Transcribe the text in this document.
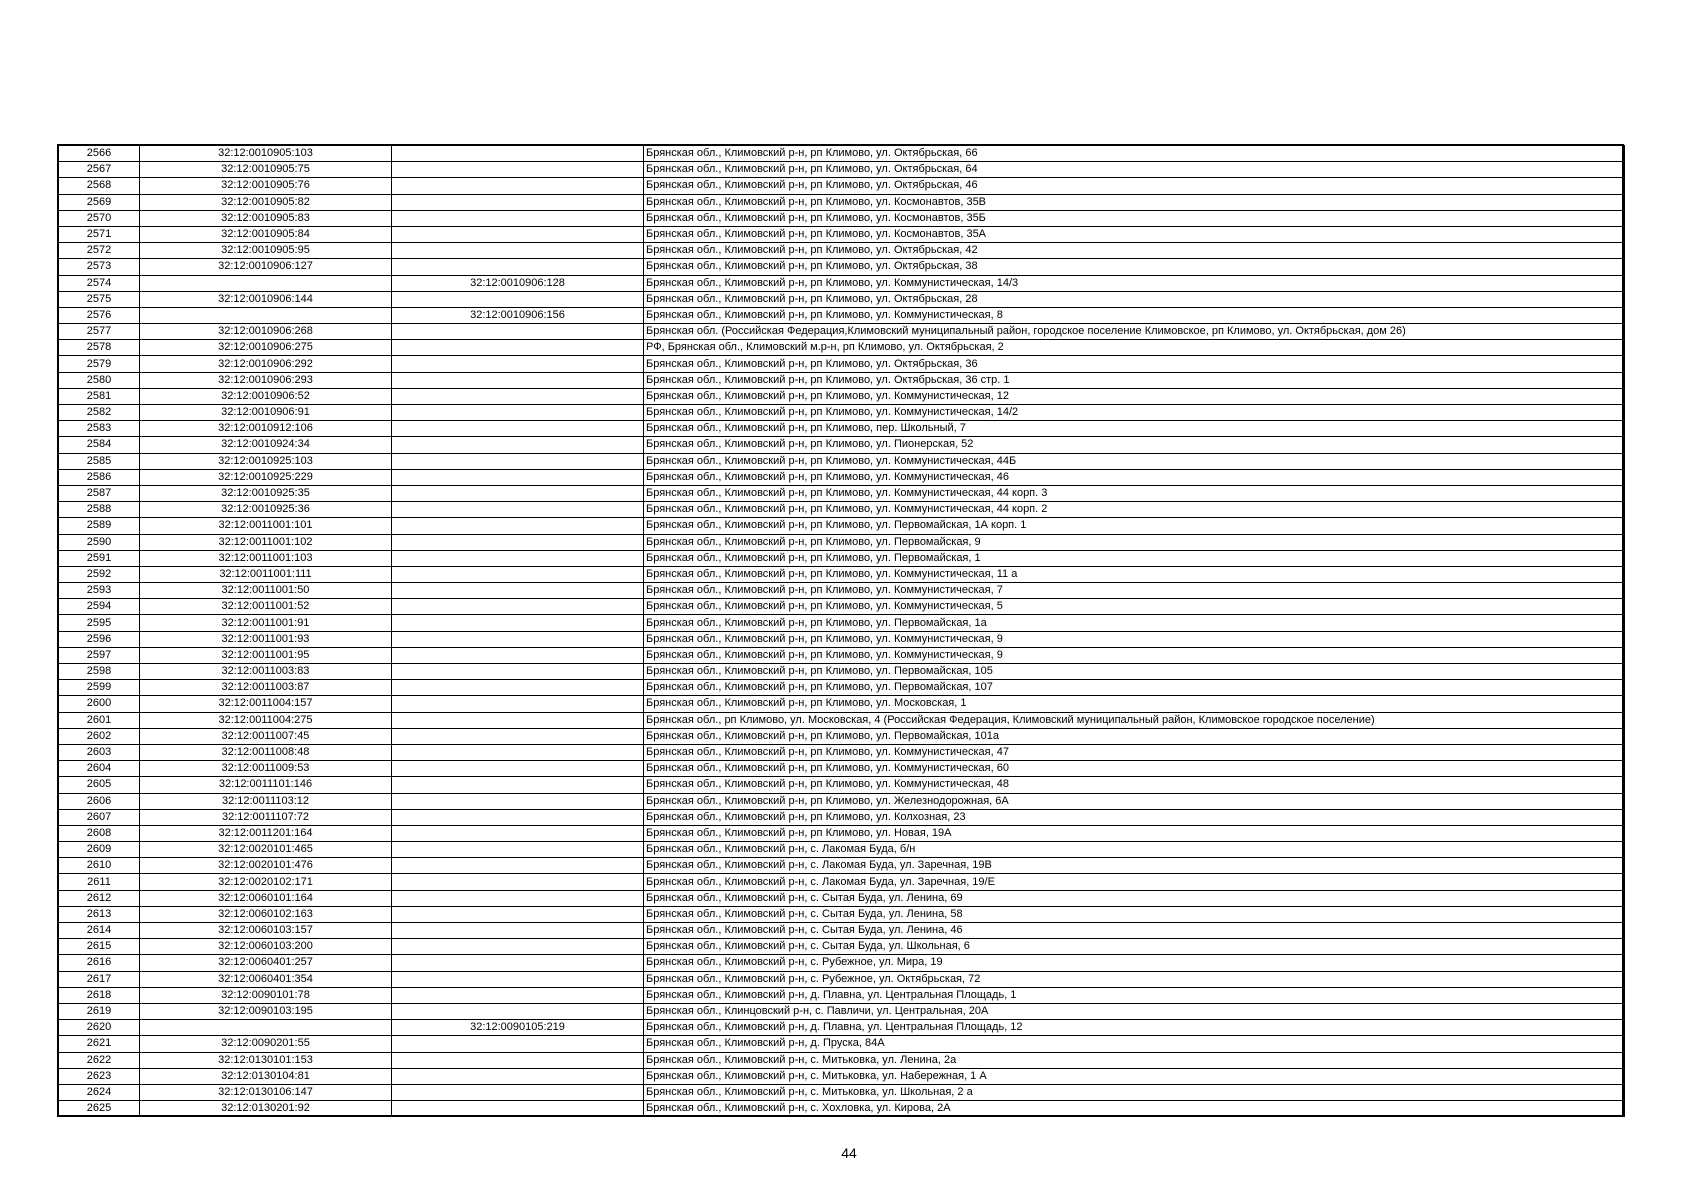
2566	32:12:0010905:103		Брянская обл., Климовский р-н, рп Климово, ул. Октябрьская, 66
2567	32:12:0010905:75		Брянская обл., Климовский р-н, рп Климово, ул. Октябрьская, 64
2568	32:12:0010905:76		Брянская обл., Климовский р-н, рп Климово, ул. Октябрьская, 46
2569	32:12:0010905:82		Брянская обл., Климовский р-н, рп Климово, ул. Космонавтов, 35В
2570	32:12:0010905:83		Брянская обл., Климовский р-н, рп Климово, ул. Космонавтов, 35Б
2571	32:12:0010905:84		Брянская обл., Климовский р-н, рп Климово, ул. Космонавтов, 35А
2572	32:12:0010905:95		Брянская обл., Климовский р-н, рп Климово, ул. Октябрьская, 42
2573	32:12:0010906:127		Брянская обл., Климовский р-н, рп Климово, ул. Октябрьская, 38
2574		32:12:0010906:128	Брянская обл., Климовский р-н, рп Климово, ул. Коммунистическая, 14/3
2575	32:12:0010906:144		Брянская обл., Климовский р-н, рп Климово, ул. Октябрьская, 28
2576		32:12:0010906:156	Брянская обл., Климовский р-н, рп Климово, ул. Коммунистическая, 8
2577	32:12:0010906:268		Брянская обл. (Российская Федерация,Климовский муниципальный район, городское поселение Климовское, рп Климово, ул. Октябрьская, дом 26)
2578	32:12:0010906:275		РФ, Брянская обл., Климовский м.р-н, рп Климово, ул. Октябрьская, 2
2579	32:12:0010906:292		Брянская обл., Климовский р-н, рп Климово, ул. Октябрьская, 36
2580	32:12:0010906:293		Брянская обл., Климовский р-н, рп Климово, ул. Октябрьская, 36 стр. 1
2581	32:12:0010906:52		Брянская обл., Климовский р-н, рп Климово, ул. Коммунистическая, 12
2582	32:12:0010906:91		Брянская обл., Климовский р-н, рп Климово, ул. Коммунистическая, 14/2
2583	32:12:0010912:106		Брянская обл., Климовский р-н, рп Климово, пер. Школьный, 7
2584	32:12:0010924:34		Брянская обл., Климовский р-н, рп Климово, ул. Пионерская, 52
2585	32:12:0010925:103		Брянская обл., Климовский р-н, рп Климово, ул. Коммунистическая, 44Б
2586	32:12:0010925:229		Брянская обл., Климовский р-н, рп Климово, ул. Коммунистическая, 46
2587	32:12:0010925:35		Брянская обл., Климовский р-н, рп Климово, ул. Коммунистическая, 44 корп. 3
2588	32:12:0010925:36		Брянская обл., Климовский р-н, рп Климово, ул. Коммунистическая, 44 корп. 2
2589	32:12:0011001:101		Брянская обл., Климовский р-н, рп Климово, ул. Первомайская, 1А корп. 1
2590	32:12:0011001:102		Брянская обл., Климовский р-н, рп Климово, ул. Первомайская, 9
2591	32:12:0011001:103		Брянская обл., Климовский р-н, рп Климово, ул. Первомайская, 1
2592	32:12:0011001:111		Брянская обл., Климовский р-н, рп Климово, ул. Коммунистическая, 11 а
2593	32:12:0011001:50		Брянская обл., Климовский р-н, рп Климово, ул. Коммунистическая, 7
2594	32:12:0011001:52		Брянская обл., Климовский р-н, рп Климово, ул. Коммунистическая, 5
2595	32:12:0011001:91		Брянская обл., Климовский р-н, рп Климово, ул. Первомайская, 1а
2596	32:12:0011001:93		Брянская обл., Климовский р-н, рп Климово, ул. Коммунистическая, 9
2597	32:12:0011001:95		Брянская обл., Климовский р-н, рп Климово, ул. Коммунистическая, 9
2598	32:12:0011003:83		Брянская обл., Климовский р-н, рп Климово, ул. Первомайская, 105
2599	32:12:0011003:87		Брянская обл., Климовский р-н, рп Климово, ул. Первомайская, 107
2600	32:12:0011004:157		Брянская обл., Климовский р-н, рп Климово, ул. Московская, 1
2601	32:12:0011004:275		Брянская обл., рп Климово, ул. Московская, 4 (Российская Федерация, Климовский муниципальный район, Климовское городское поселение)
2602	32:12:0011007:45		Брянская обл., Климовский р-н, рп Климово, ул. Первомайская, 101а
2603	32:12:0011008:48		Брянская обл., Климовский р-н, рп Климово, ул. Коммунистическая, 47
2604	32:12:0011009:53		Брянская обл., Климовский р-н, рп Климово, ул. Коммунистическая, 60
2605	32:12:0011101:146		Брянская обл., Климовский р-н, рп Климово, ул. Коммунистическая, 48
2606	32:12:0011103:12		Брянская обл., Климовский р-н, рп Климово, ул. Железнодорожная, 6А
2607	32:12:0011107:72		Брянская обл., Климовский р-н, рп Климово, ул. Колхозная, 23
2608	32:12:0011201:164		Брянская обл., Климовский р-н, рп Климово, ул. Новая, 19А
2609	32:12:0020101:465		Брянская обл., Климовский р-н, с. Лакомая Буда, б/н
2610	32:12:0020101:476		Брянская обл., Климовский р-н, с. Лакомая Буда, ул. Заречная, 19В
2611	32:12:0020102:171		Брянская обл., Климовский р-н, с. Лакомая Буда, ул. Заречная, 19/Е
2612	32:12:0060101:164		Брянская обл., Климовский р-н, с. Сытая Буда, ул. Ленина, 69
2613	32:12:0060102:163		Брянская обл., Климовский р-н, с. Сытая Буда, ул. Ленина, 58
2614	32:12:0060103:157		Брянская обл., Климовский р-н, с. Сытая Буда, ул. Ленина, 46
2615	32:12:0060103:200		Брянская обл., Климовский р-н, с. Сытая Буда, ул. Школьная, 6
2616	32:12:0060401:257		Брянская обл., Климовский р-н, с. Рубежное, ул. Мира, 19
2617	32:12:0060401:354		Брянская обл., Климовский р-н, с. Рубежное, ул. Октябрьская, 72
2618	32:12:0090101:78		Брянская обл., Климовский р-н, д. Плавна, ул. Центральная Площадь, 1
2619	32:12:0090103:195		Брянская обл., Клинцовский р-н, с. Павличи, ул. Центральная, 20А
2620		32:12:0090105:219	Брянская обл., Климовский р-н, д. Плавна, ул. Центральная Площадь, 12
2621	32:12:0090201:55		Брянская обл., Климовский р-н, д. Пруска, 84А
2622	32:12:0130101:153		Брянская обл., Климовский р-н, с. Митьковка, ул. Ленина, 2а
2623	32:12:0130104:81		Брянская обл., Климовский р-н, с. Митьковка, ул. Набережная, 1 А
2624	32:12:0130106:147		Брянская обл., Климовский р-н, с. Митьковка, ул. Школьная, 2 а
2625	32:12:0130201:92		Брянская обл., Климовский р-н, с. Хохловка, ул. Кирова, 2А
44
